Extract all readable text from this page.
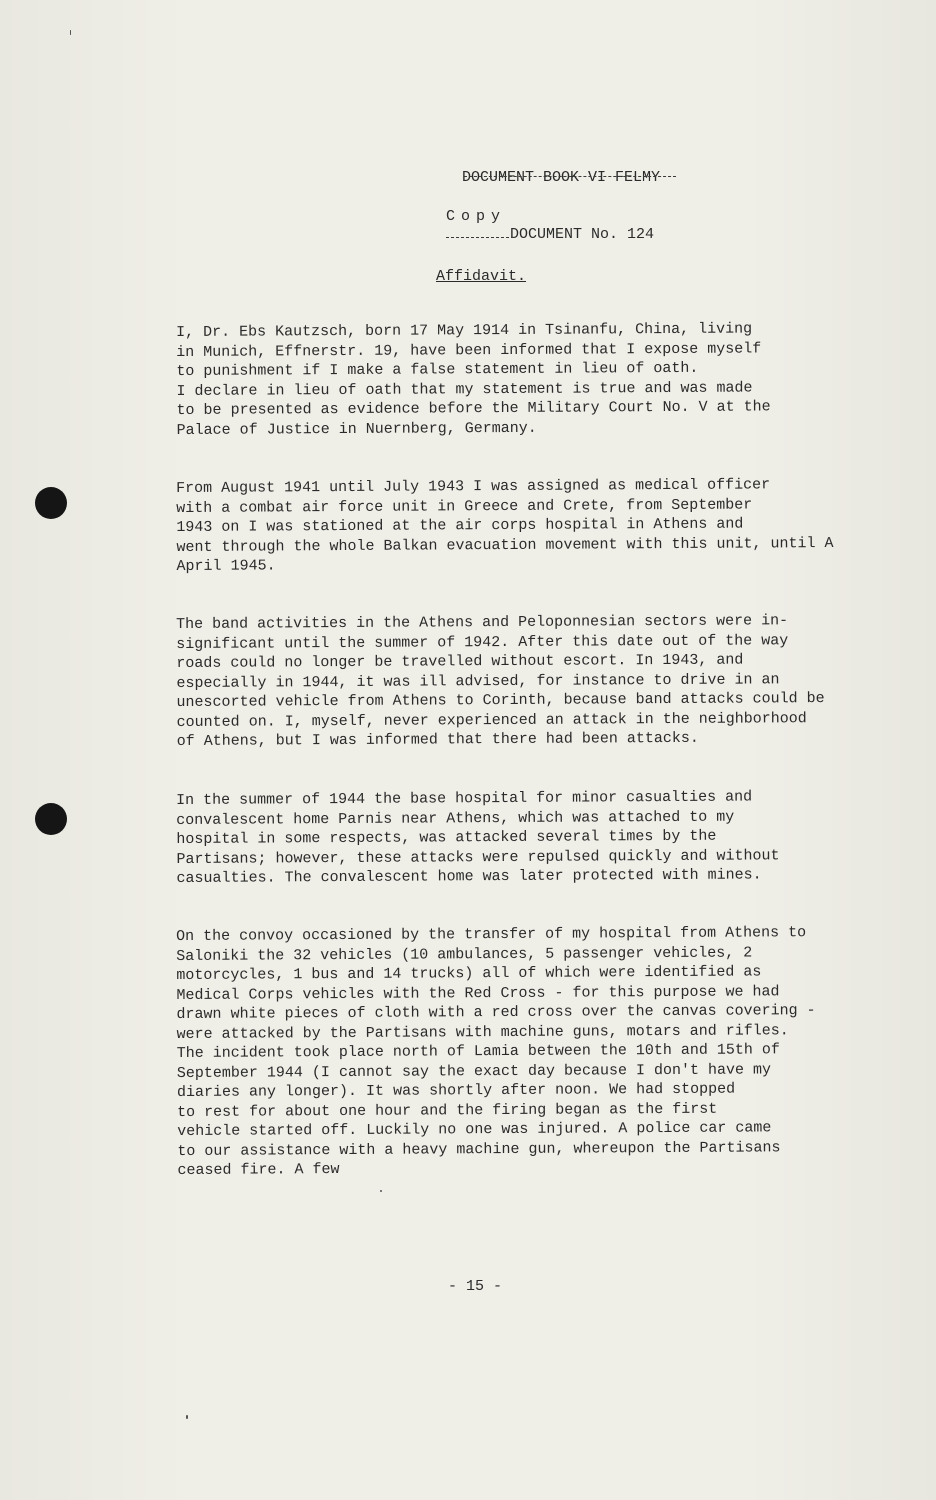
DOCUMENT BOOK VI FELMY

DOCUMENT No. 124

Copy
Affidavit.

I, Dr. Ebs Kautzsch, born 17 May 1914 in Tsinanfu, China, living
in Munich, Effnerstr. 19, have been informed that I expose myself
to punishment if I make a false statement in lieu of oath.
I declare in lieu of oath that my statement is true and was made
to be presented as evidence before the Military Court No. V at the
Palace of Justice in Nuernberg, Germany.

From August 1941 until July 1943 I was assigned as medical officer
with a combat air force unit in Greece and Crete, from September
1943 on I was stationed at the air corps hospital in Athens and
went through the whole Balkan evacuation movement with this unit, until A
April 1945.

The band activities in the Athens and Peloponnesian sectors were in-
significant until the summer of 1942. After this date out of the way
roads could no longer be travelled without escort. In 1943, and
especially in 1944, it was ill advised, for instance to drive in an
unescorted vehicle from Athens to Corinth, because band attacks could be
counted on. I, myself, never experienced an attack in the neighborhood
of Athens, but I was informed that there had been attacks.

In the summer of 1944 the base hospital for minor casualties and
convalescent home Parnis near Athens, which was attached to my
hospital in some respects, was attacked several times by the
Partisans; however, these attacks were repulsed quickly and without
casualties. The convalescent home was later protected with mines.

On the convoy occasioned by the transfer of my hospital from Athens to
Saloniki the 32 vehicles (10 ambulances, 5 passenger vehicles, 2
motorcycles, 1 bus and 14 trucks) all of which were identified as
Medical Corps vehicles with the Red Cross - for this purpose we had
drawn white pieces of cloth with a red cross over the canvas covering -
were attacked by the Partisans with machine guns, motars and rifles.
The incident took place north of Lamia between the 10th and 15th of
September 1944 (I cannot say the exact day because I don't have my
diaries any longer). It was shortly after noon. We had stopped
to rest for about one hour and the firing began as the first
vehicle started off. Luckily no one was injured. A police car came
to our assistance with a heavy machine gun, whereupon the Partisans
ceased fire. A few

- 15 -
